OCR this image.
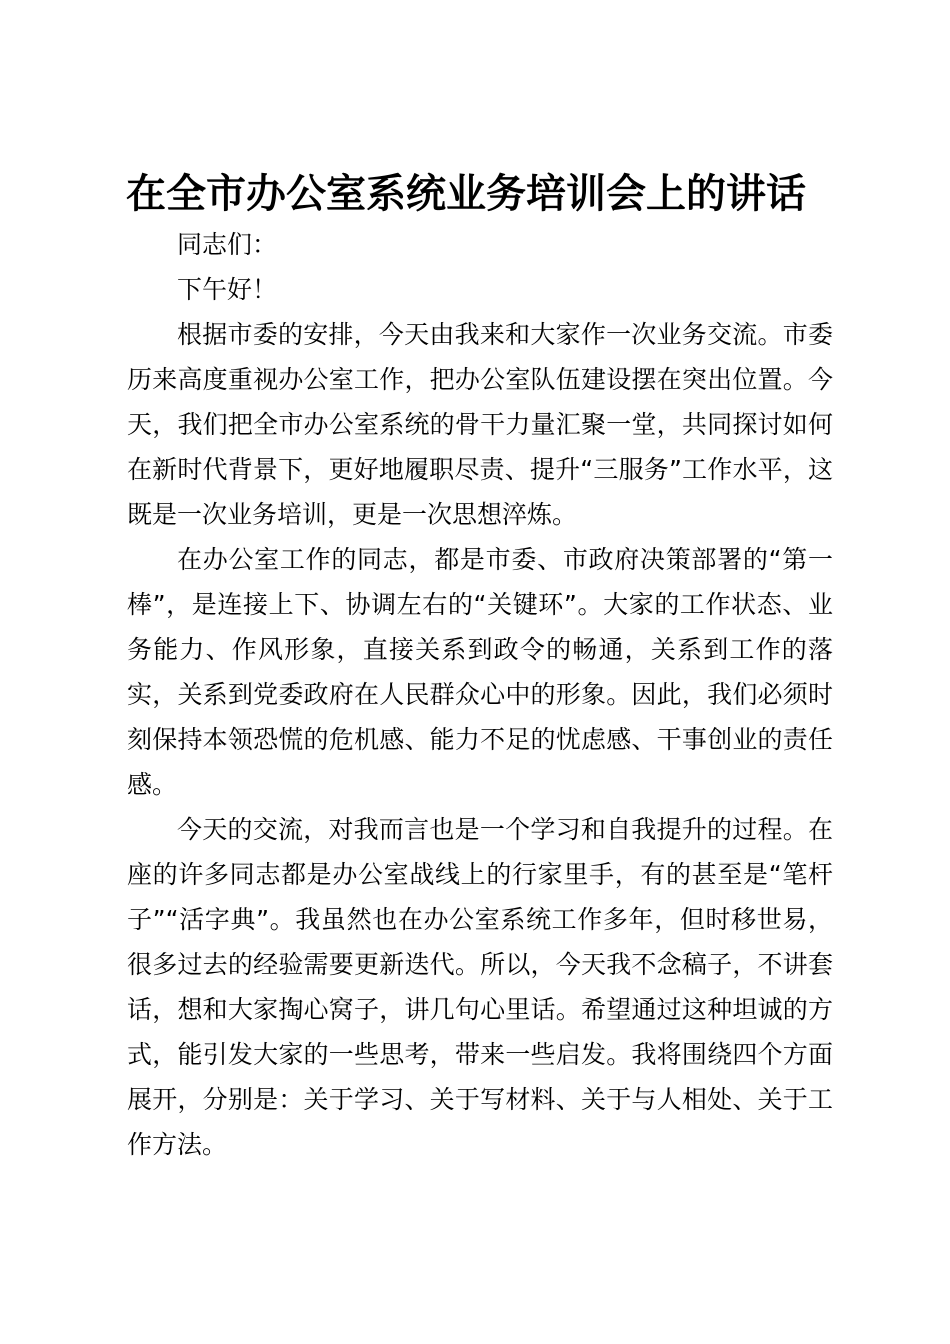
在全市办公室系统业务培训会上的讲话

同志们：

下午好！

根据市委的安排，今天由我来和大家作一次业务交流。市委历来高度重视办公室工作，把办公室队伍建设摆在突出位置。今天，我们把全市办公室系统的骨干力量汇聚一堂，共同探讨如何在新时代背景下，更好地履职尽责、提升“三服务”工作水平，这既是一次业务培训，更是一次思想淬炼。

在办公室工作的同志，都是市委、市政府决策部署的“第一棒”，是连接上下、协调左右的“关键环”。大家的工作状态、业务能力、作风形象，直接关系到政令的畅通，关系到工作的落实，关系到党委政府在人民群众心中的形象。因此，我们必须时刻保持本领恐慌的危机感、能力不足的忧虑感、干事创业的责任感。

今天的交流，对我而言也是一个学习和自我提升的过程。在座的许多同志都是办公室战线上的行家里手，有的甚至是“笔杆子”“活字典”。我虽然也在办公室系统工作多年，但时移世易，很多过去的经验需要更新迭代。所以，今天我不念稿子，不讲套话，想和大家掏心窝子，讲几句心里话。希望通过这种坦诚的方式，能引发大家的一些思考，带来一些启发。我将围绕四个方面展开，分别是：关于学习、关于写材料、关于与人相处、关于工作方法。
